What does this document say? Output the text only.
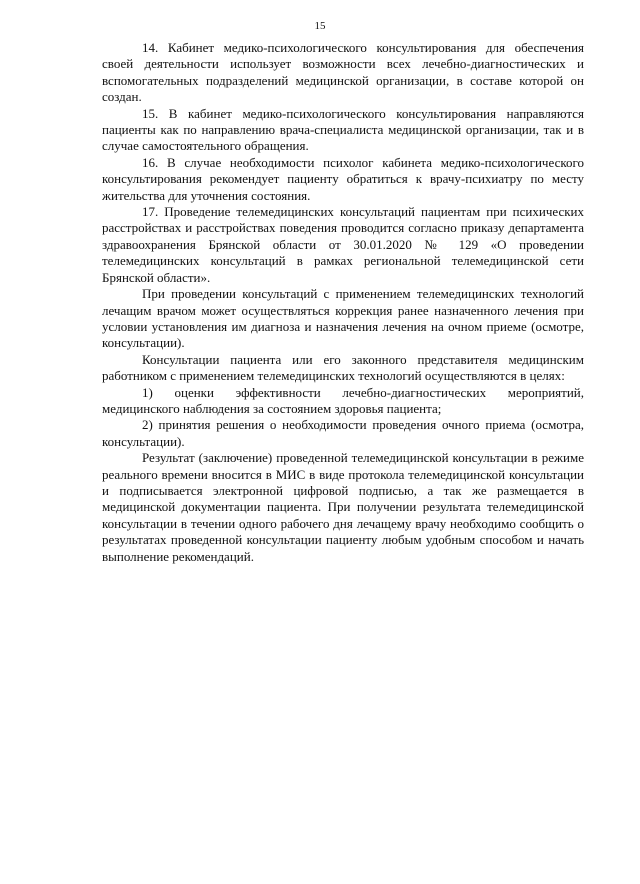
15

14. Кабинет медико-психологического консультирования для обеспечения своей деятельности использует возможности всех лечебно-диагностических и вспомогательных подразделений медицинской организации, в составе которой он создан.

15. В кабинет медико-психологического консультирования направляются пациенты как по направлению врача-специалиста медицинской организации, так и в случае самостоятельного обращения.

16. В случае необходимости психолог кабинета медико-психологического консультирования рекомендует пациенту обратиться к врачу-психиатру по месту жительства для уточнения состояния.

17. Проведение телемедицинских консультаций пациентам при психических расстройствах и расстройствах поведения проводится согласно приказу департамента здравоохранения Брянской области от 30.01.2020 № 129 «О проведении телемедицинских консультаций в рамках региональной телемедицинской сети Брянской области».

При проведении консультаций с применением телемедицинских технологий лечащим врачом может осуществляться коррекция ранее назначенного лечения при условии установления им диагноза и назначения лечения на очном приеме (осмотре, консультации).

Консультации пациента или его законного представителя медицинским работником с применением телемедицинских технологий осуществляются в целях:

1) оценки эффективности лечебно-диагностических мероприятий, медицинского наблюдения за состоянием здоровья пациента;

2) принятия решения о необходимости проведения очного приема (осмотра, консультации).

Результат (заключение) проведенной телемедицинской консультации в режиме реального времени вносится в МИС в виде протокола телемедицинской консультации и подписывается электронной цифровой подписью, а так же размещается в медицинской документации пациента. При получении результата телемедицинской консультации в течении одного рабочего дня лечащему врачу необходимо сообщить о результатах проведенной консультации пациенту любым удобным способом и начать выполнение рекомендаций.
